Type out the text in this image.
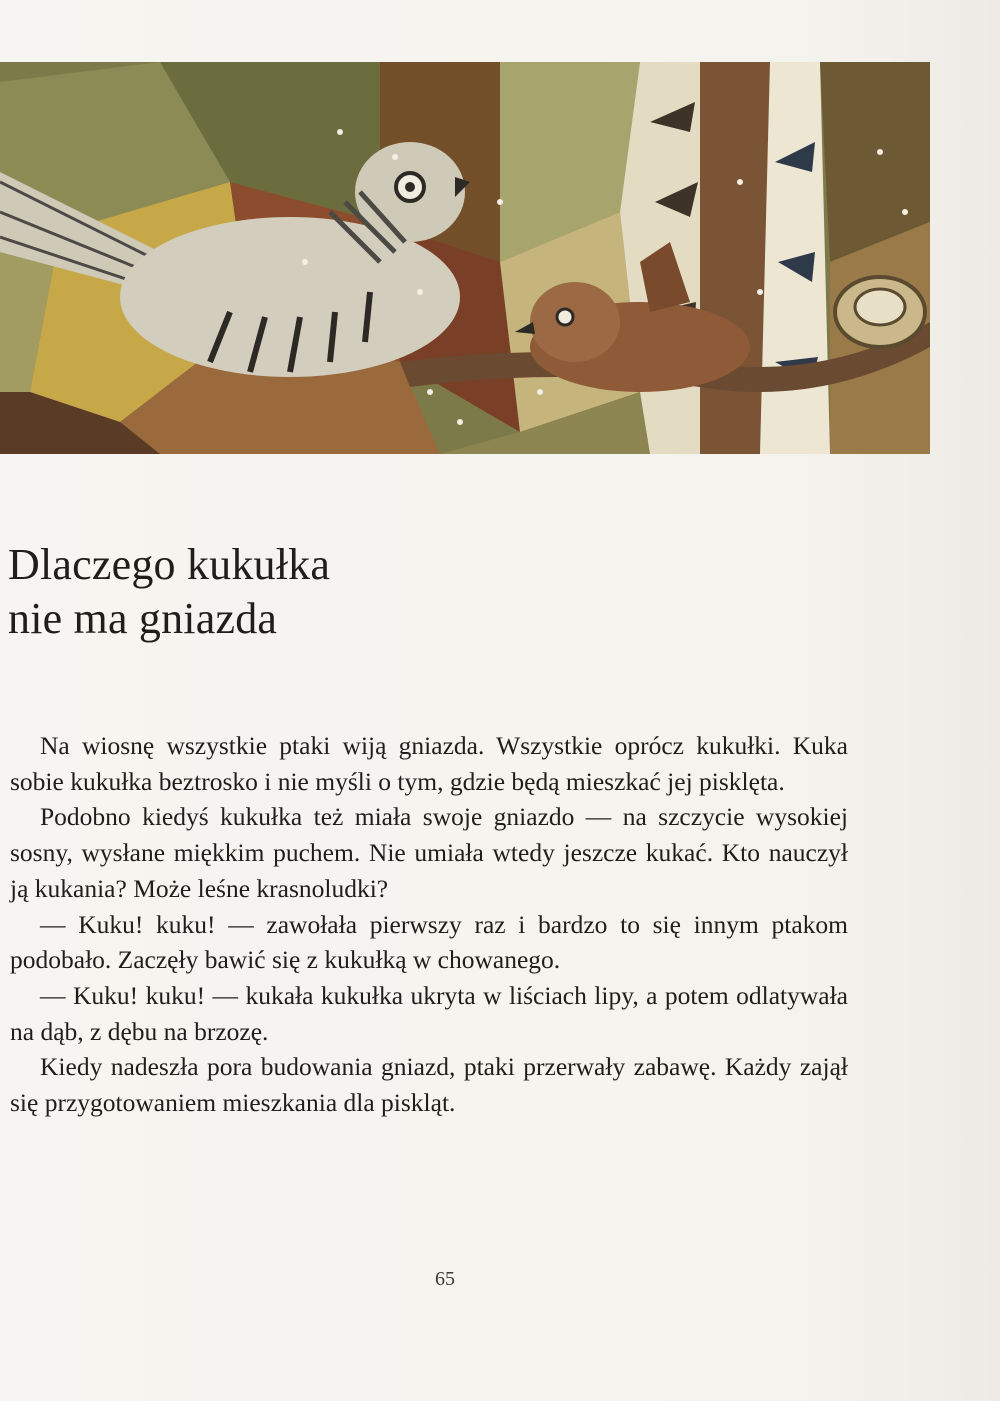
Dlaczego kukułka
nie ma gniazda

Na wiosnę wszystkie ptaki wiją gniazda. Wszystkie oprócz kukułki. Kuka sobie kukułka beztrosko i nie myśli o tym, gdzie będą mieszkać jej pisklęta.

Podobno kiedyś kukułka też miała swoje gniazdo — na szczycie wysokiej sosny, wysłane miękkim puchem. Nie umiała wtedy jeszcze kukać. Kto nauczył ją kukania? Może leśne krasnoludki?

— Kuku! kuku! — zawołała pierwszy raz i bardzo to się innym ptakom podobało. Zaczęły bawić się z kukułką w chowanego.

— Kuku! kuku! — kukała kukułka ukryta w liściach lipy, a potem odlatywała na dąb, z dębu na brzozę.

Kiedy nadeszła pora budowania gniazd, ptaki przerwały zabawę. Każdy zajął się przygotowaniem mieszkania dla piskląt.

65
